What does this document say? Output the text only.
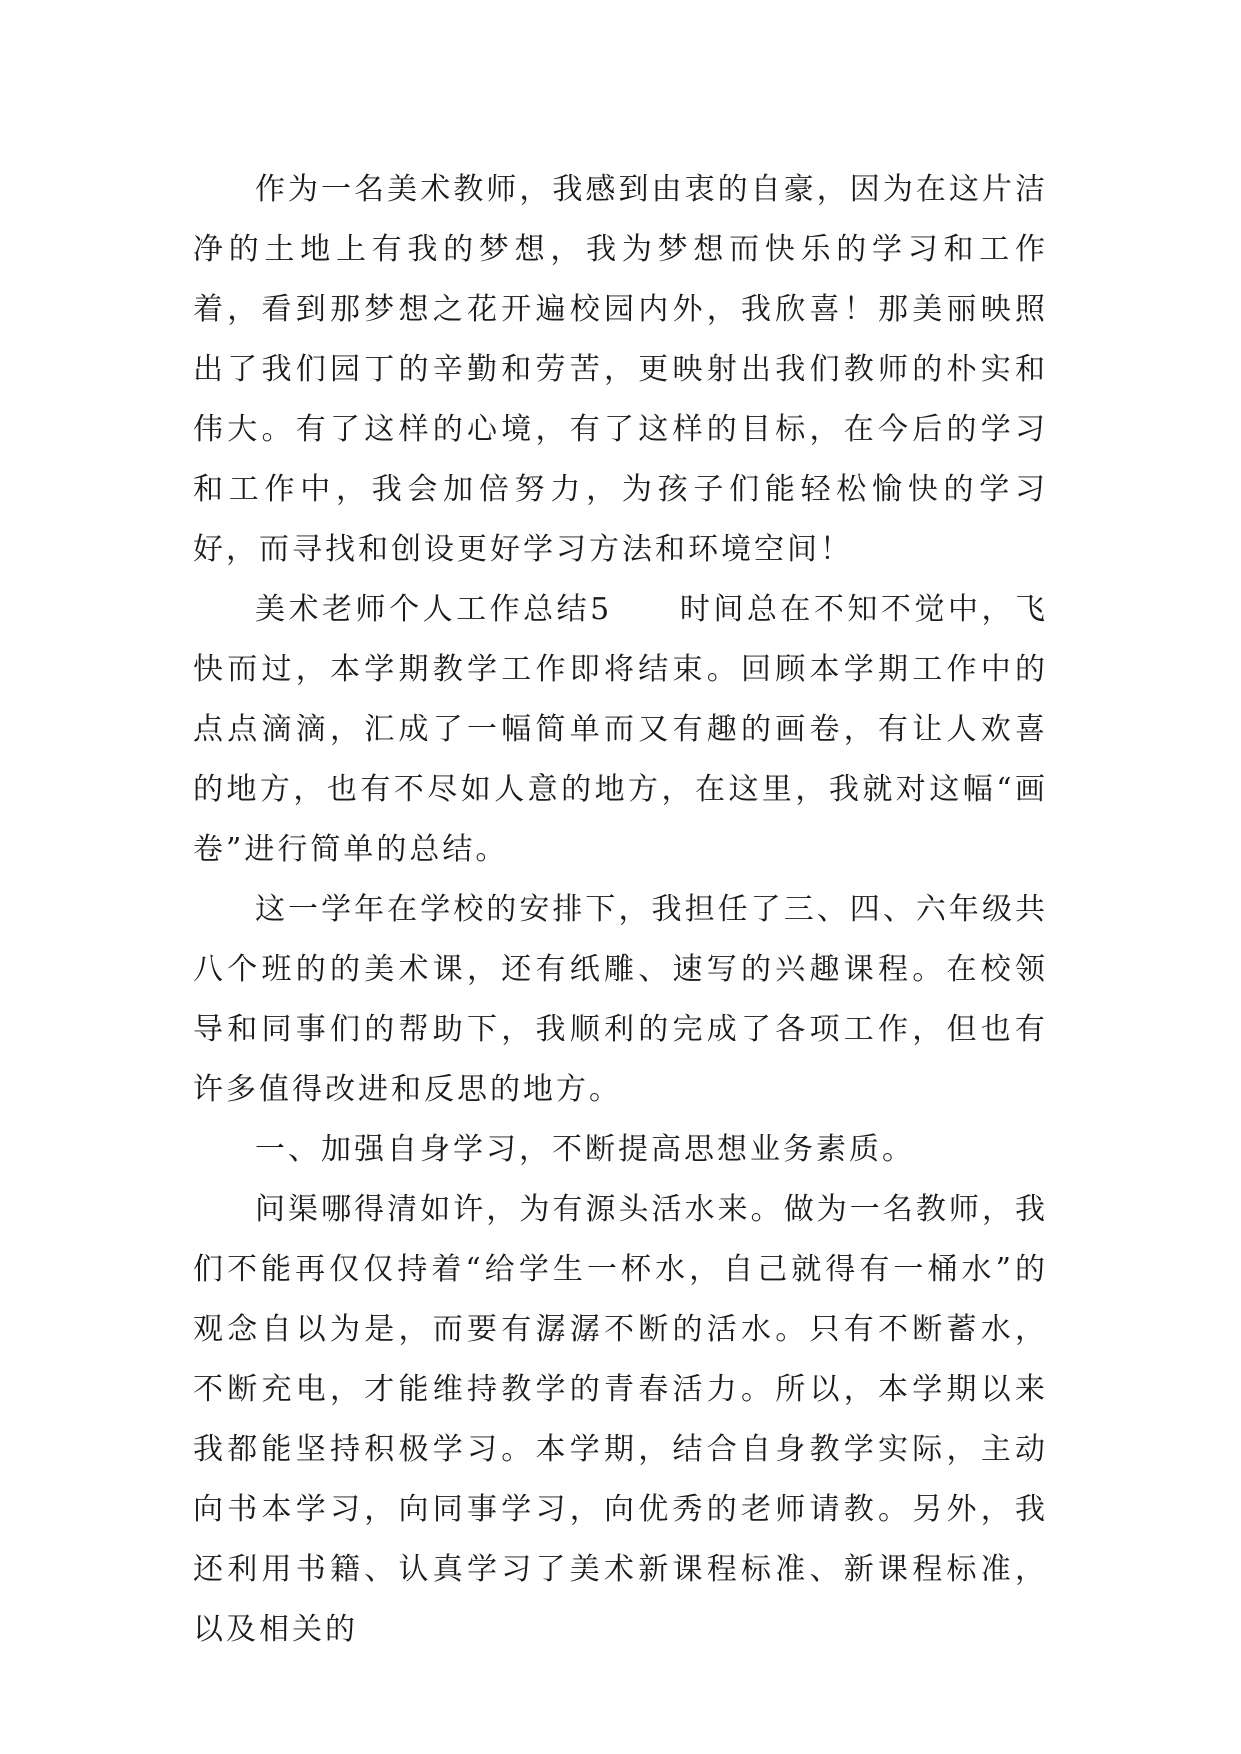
作为一名美术教师，我感到由衷的自豪，因为在这片洁净的土地上有我的梦想，我为梦想而快乐的学习和工作着，看到那梦想之花开遍校园内外，我欣喜！那美丽映照出了我们园丁的辛勤和劳苦，更映射出我们教师的朴实和伟大。有了这样的心境，有了这样的目标，在今后的学习和工作中，我会加倍努力，为孩子们能轻松愉快的学习好，而寻找和创设更好学习方法和环境空间！

美术老师个人工作总结5　　时间总在不知不觉中，飞快而过，本学期教学工作即将结束。回顾本学期工作中的点点滴滴，汇成了一幅简单而又有趣的画卷，有让人欢喜的地方，也有不尽如人意的地方，在这里，我就对这幅“画卷”进行简单的总结。

这一学年在学校的安排下，我担任了三、四、六年级共八个班的的美术课，还有纸雕、速写的兴趣课程。在校领导和同事们的帮助下，我顺利的完成了各项工作，但也有许多值得改进和反思的地方。

一、加强自身学习，不断提高思想业务素质。

问渠哪得清如许，为有源头活水来。做为一名教师，我们不能再仅仅持着“给学生一杯水，自己就得有一桶水”的观念自以为是，而要有潺潺不断的活水。只有不断蓄水，不断充电，才能维持教学的青春活力。所以，本学期以来我都能坚持积极学习。本学期，结合自身教学实际，主动向书本学习，向同事学习，向优秀的老师请教。另外，我还利用书籍、认真学习了美术新课程标准、新课程标准，以及相关的
